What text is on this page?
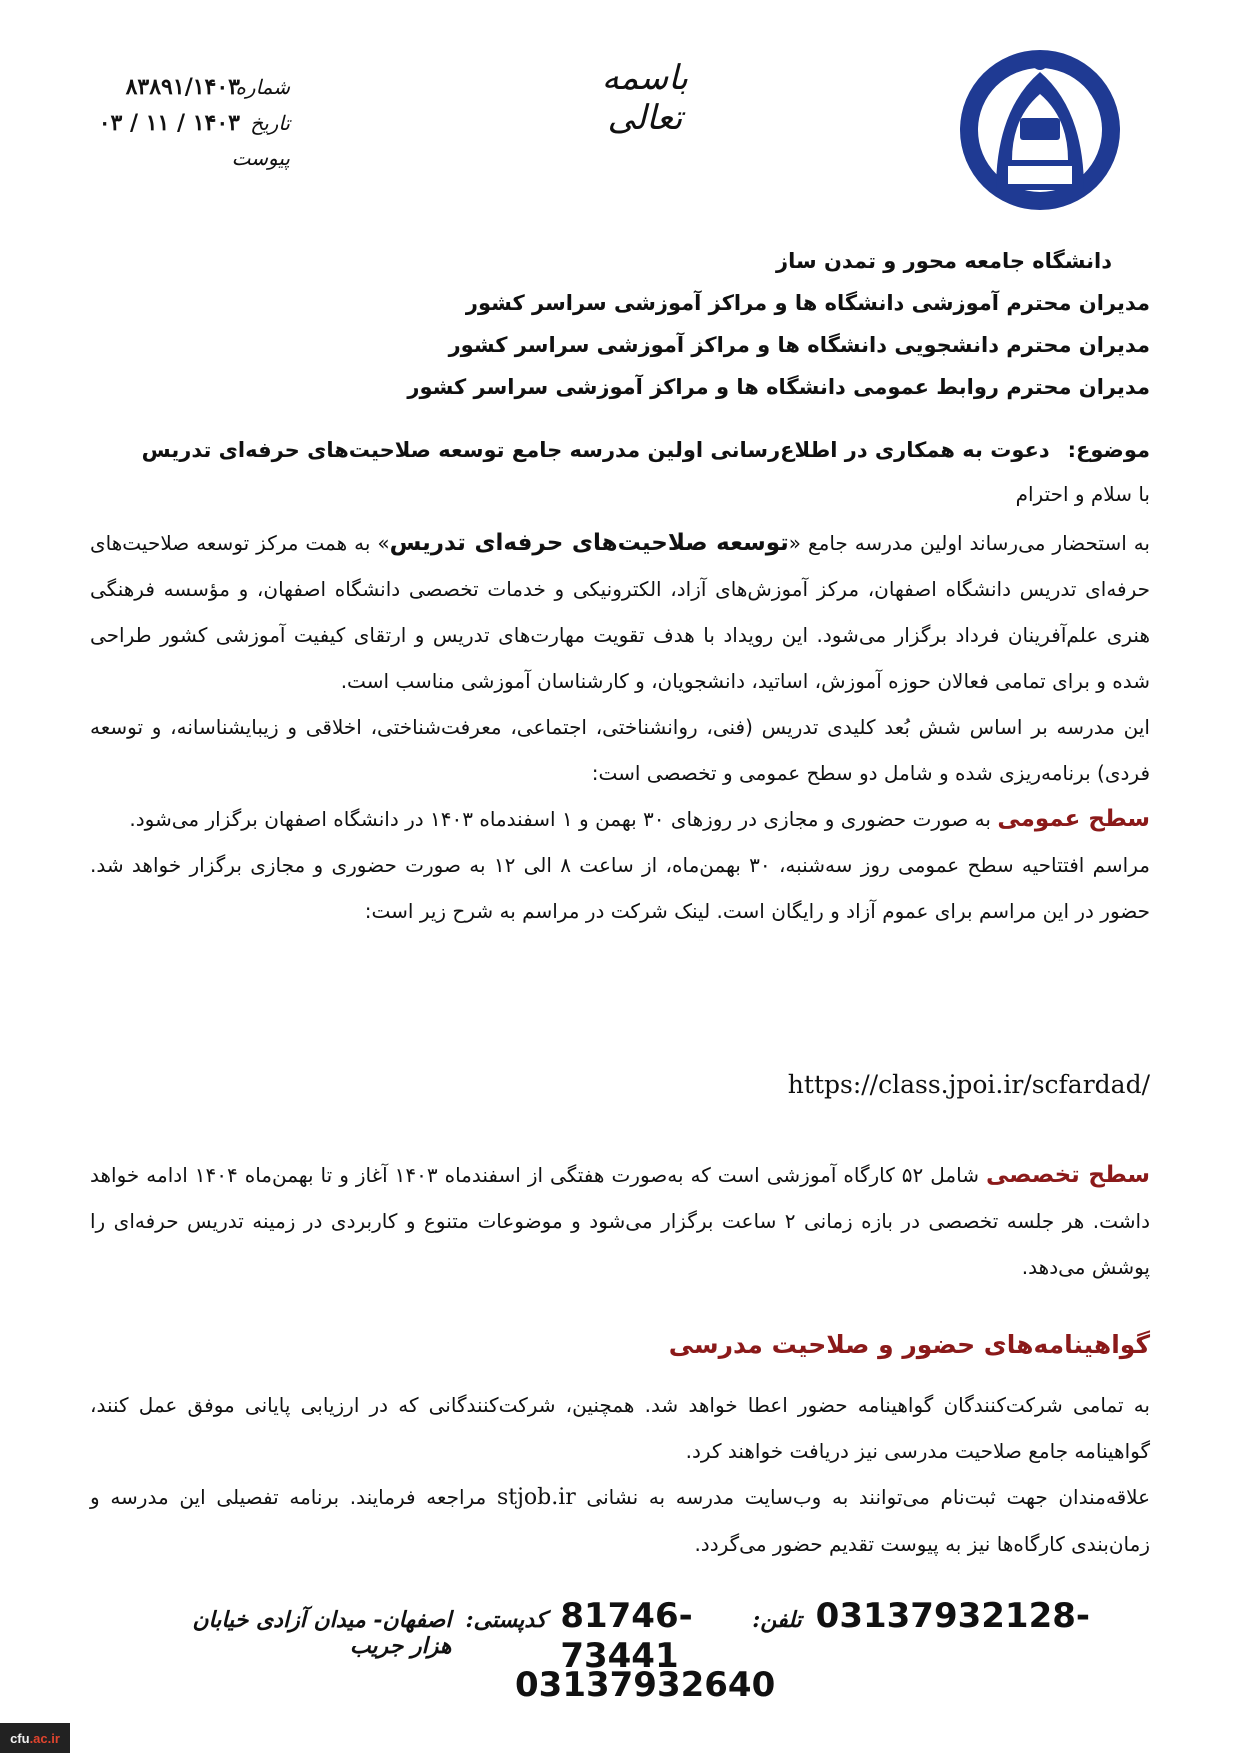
باسمه تعالی
شماره
۸۳۸۹۱/۱۴۰۳
تاریخ
۱۴۰۳ / ۱۱ / ۰۳
پیوست
دانشگاه جامعه محور و تمدن ساز
مدیران محترم آموزشی دانشگاه ها و مراکز آموزشی سراسر کشور
مدیران محترم دانشجویی دانشگاه ها و مراکز آموزشی سراسر کشور
مدیران محترم روابط عمومی دانشگاه ها و مراکز آموزشی سراسر کشور
موضوع:دعوت به همکاری در اطلاع‌رسانی اولین مدرسه جامع توسعه صلاحیت‌های حرفه‌ای تدریس
با سلام و احترام

به استحضار می‌رساند اولین مدرسه جامع «توسعه صلاحیت‌های حرفه‌ای تدریس» به همت مرکز توسعه صلاحیت‌های حرفه‌ای تدریس دانشگاه اصفهان، مرکز آموزش‌های آزاد، الکترونیکی و خدمات تخصصی دانشگاه اصفهان، و مؤسسه فرهنگی هنری علم‌آفرینان فرداد برگزار می‌شود. این رویداد با هدف تقویت مهارت‌های تدریس و ارتقای کیفیت آموزشی کشور طراحی شده و برای تمامی فعالان حوزه آموزش، اساتید، دانشجویان، و کارشناسان آموزشی مناسب است.

این مدرسه بر اساس شش بُعد کلیدی تدریس (فنی، روانشناختی، اجتماعی، معرفت‌شناختی، اخلاقی و زیبایشناسانه، و توسعه فردی) برنامه‌ریزی شده و شامل دو سطح عمومی و تخصصی است:

سطح عمومی به صورت حضوری و مجازی در روزهای ۳۰ بهمن و ۱ اسفندماه ۱۴۰۳ در دانشگاه اصفهان برگزار می‌شود.

مراسم افتتاحیه سطح عمومی روز سه‌شنبه، ۳۰ بهمن‌ماه، از ساعت ۸ الی ۱۲ به صورت حضوری و مجازی برگزار خواهد شد. حضور در این مراسم برای عموم آزاد و رایگان است. لینک شرکت در مراسم به شرح زیر است:

https://class.jpoi.ir/scfardad/
سطح تخصصی شامل ۵۲ کارگاه آموزشی است که به‌صورت هفتگی از اسفندماه ۱۴۰۳ آغاز و تا بهمن‌ماه ۱۴۰۴ ادامه خواهد داشت. هر جلسه تخصصی در بازه زمانی ۲ ساعت برگزار می‌شود و موضوعات متنوع و کاربردی در زمینه تدریس حرفه‌ای را پوشش می‌دهد.
گواهینامه‌های حضور و صلاحیت مدرسی

به تمامی شرکت‌کنندگان گواهینامه حضور اعطا خواهد شد. همچنین، شرکت‌کنندگانی که در ارزیابی پایانی موفق عمل کنند، گواهینامه جامع صلاحیت مدرسی نیز دریافت خواهند کرد.

علاقه‌مندان جهت ثبت‌نام می‌توانند به وب‌سایت مدرسه به نشانی stjob.ir مراجعه فرمایند. برنامه تفصیلی این مدرسه و زمان‌بندی کارگاه‌ها نیز به پیوست تقدیم حضور می‌گردد.

اصفهان- میدان آزادی خیابان هزار جریب
کدپستی: 81746-73441
تلفن: 03137932128-
03137932640
cfu.ac.ir
